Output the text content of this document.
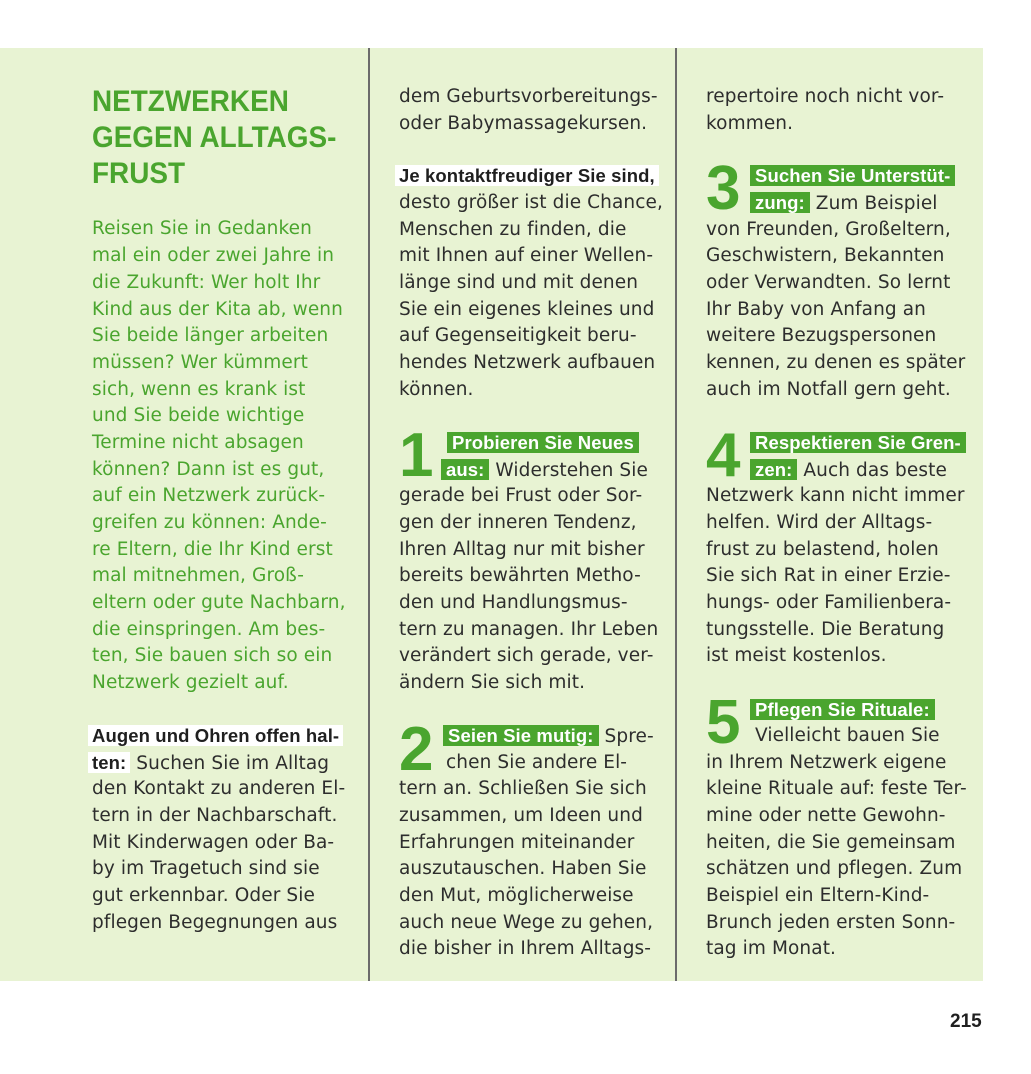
NETZWERKEN
GEGEN ALLTAGS-
FRUST
Reisen Sie in Gedanken
mal ein oder zwei Jahre in
die Zukunft: Wer holt Ihr
Kind aus der Kita ab, wenn
Sie beide länger arbeiten
müssen? Wer kümmert
sich, wenn es krank ist
und Sie beide wichtige
Termine nicht absagen
können? Dann ist es gut,
auf ein Netzwerk zurück-
greifen zu können: Ande-
re Eltern, die Ihr Kind erst
mal mitnehmen, Groß-
eltern oder gute Nachbarn,
die einspringen. Am bes-
ten, Sie bauen sich so ein
Netzwerk gezielt auf.
Augen und Ohren offen hal-
ten: Suchen Sie im Alltag
den Kontakt zu anderen El-
tern in der Nachbarschaft.
Mit Kinderwagen oder Ba-
by im Tragetuch sind sie
gut erkennbar. Oder Sie
pflegen Begegnungen aus
dem Geburtsvorbereitungs-
oder Babymassagekursen.
Je kontaktfreudiger Sie sind,
desto größer ist die Chance,
Menschen zu finden, die
mit Ihnen auf einer Wellen-
länge sind und mit denen
Sie ein eigenes kleines und
auf Gegenseitigkeit beru-
hendes Netzwerk aufbauen
können.
1 Probieren Sie Neues
aus: Widerstehen Sie
gerade bei Frust oder Sor-
gen der inneren Tendenz,
Ihren Alltag nur mit bisher
bereits bewährten Metho-
den und Handlungsmus-
tern zu managen. Ihr Leben
verändert sich gerade, ver-
ändern Sie sich mit.
2 Seien Sie mutig: Spre-
chen Sie andere El-
tern an. Schließen Sie sich
zusammen, um Ideen und
Erfahrungen miteinander
auszutauschen. Haben Sie
den Mut, möglicherweise
auch neue Wege zu gehen,
die bisher in Ihrem Alltags-
repertoire noch nicht vor-
kommen.
3 Suchen Sie Unterstüt-
zung: Zum Beispiel
von Freunden, Großeltern,
Geschwistern, Bekannten
oder Verwandten. So lernt
Ihr Baby von Anfang an
weitere Bezugspersonen
kennen, zu denen es später
auch im Notfall gern geht.
4 Respektieren Sie Gren-
zen: Auch das beste
Netzwerk kann nicht immer
helfen. Wird der Alltags-
frust zu belastend, holen
Sie sich Rat in einer Erzie-
hungs- oder Familienbera-
tungsstelle. Die Beratung
ist meist kostenlos.
5 Pflegen Sie Rituale:
Vielleicht bauen Sie
in Ihrem Netzwerk eigene
kleine Rituale auf: feste Ter-
mine oder nette Gewohn-
heiten, die Sie gemeinsam
schätzen und pflegen. Zum
Beispiel ein Eltern-Kind-
Brunch jeden ersten Sonn-
tag im Monat.
215
